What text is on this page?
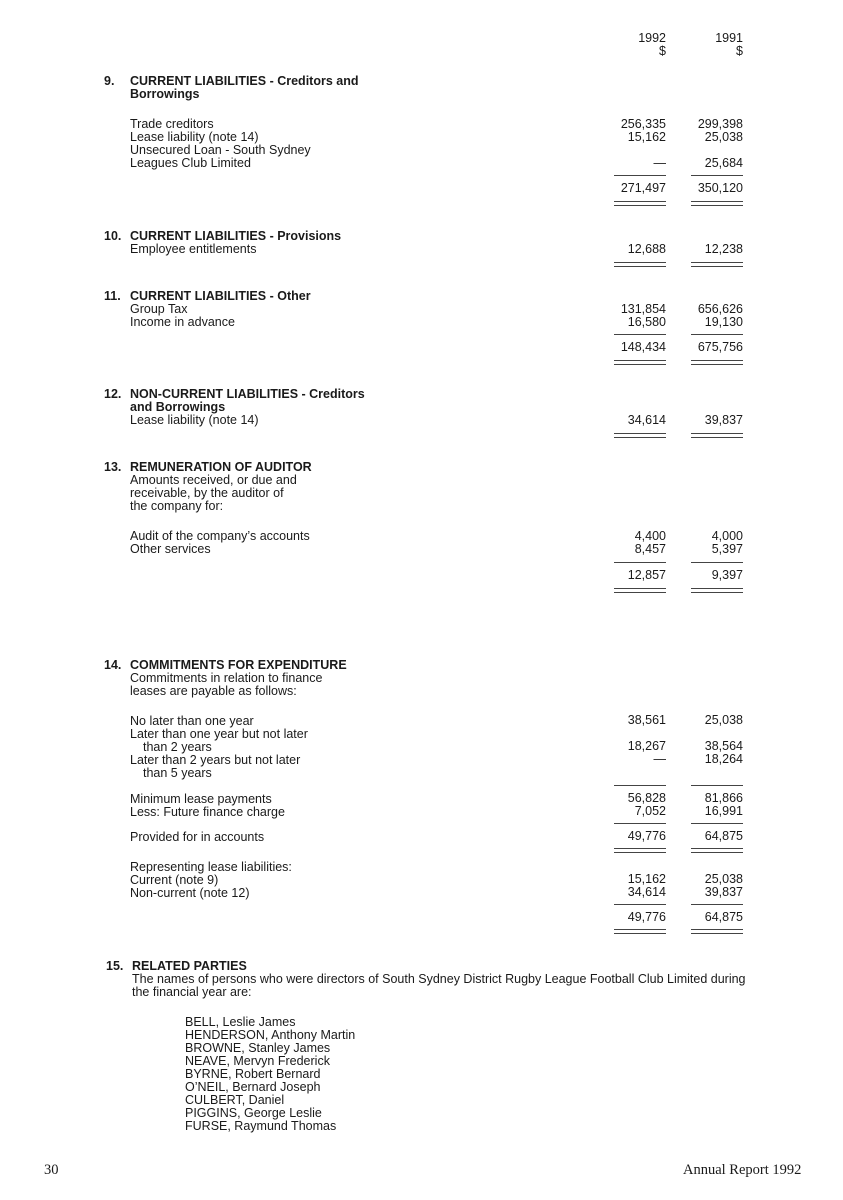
1992
$
1991
$
9. CURRENT LIABILITIES - Creditors and
Borrowings
Trade creditors	256,335	299,398
Lease liability (note 14)	15,162	25,038
Unsecured Loan - South Sydney
Leagues Club Limited	—	25,684
271,497	350,120
10. CURRENT LIABILITIES - Provisions
Employee entitlements	12,688	12,238
11. CURRENT LIABILITIES - Other
Group Tax	131,854	656,626
Income in advance	16,580	19,130
148,434	675,756
12. NON-CURRENT LIABILITIES - Creditors
and Borrowings
Lease liability (note 14)	34,614	39,837
13. REMUNERATION OF AUDITOR
Amounts received, or due and
receivable, by the auditor of
the company for:
Audit of the company’s accounts	4,400	4,000
Other services	8,457	5,397
12,857	9,397
14. COMMITMENTS FOR EXPENDITURE
Commitments in relation to finance
leases are payable as follows:
No later than one year	38,561	25,038
Later than one year but not later
than 2 years	18,267	38,564
Later than 2 years but not later
than 5 years
—	18,264
Minimum lease payments	56,828	81,866
Less: Future finance charge	7,052	16,991
Provided for in accounts	49,776	64,875
Representing lease liabilities:
Current (note 9)	15,162	25,038
Non-current (note 12)	34,614	39,837
49,776	64,875
15. RELATED PARTIES
The names of persons who were directors of South Sydney District Rugby League Football Club Limited during
the financial year are:
BELL, Leslie James
HENDERSON, Anthony Martin
BROWNE, Stanley James
NEAVE, Mervyn Frederick
BYRNE, Robert Bernard
O’NEIL, Bernard Joseph
CULBERT, Daniel
PIGGINS, George Leslie
FURSE, Raymund Thomas
30	Annual Report 1992
